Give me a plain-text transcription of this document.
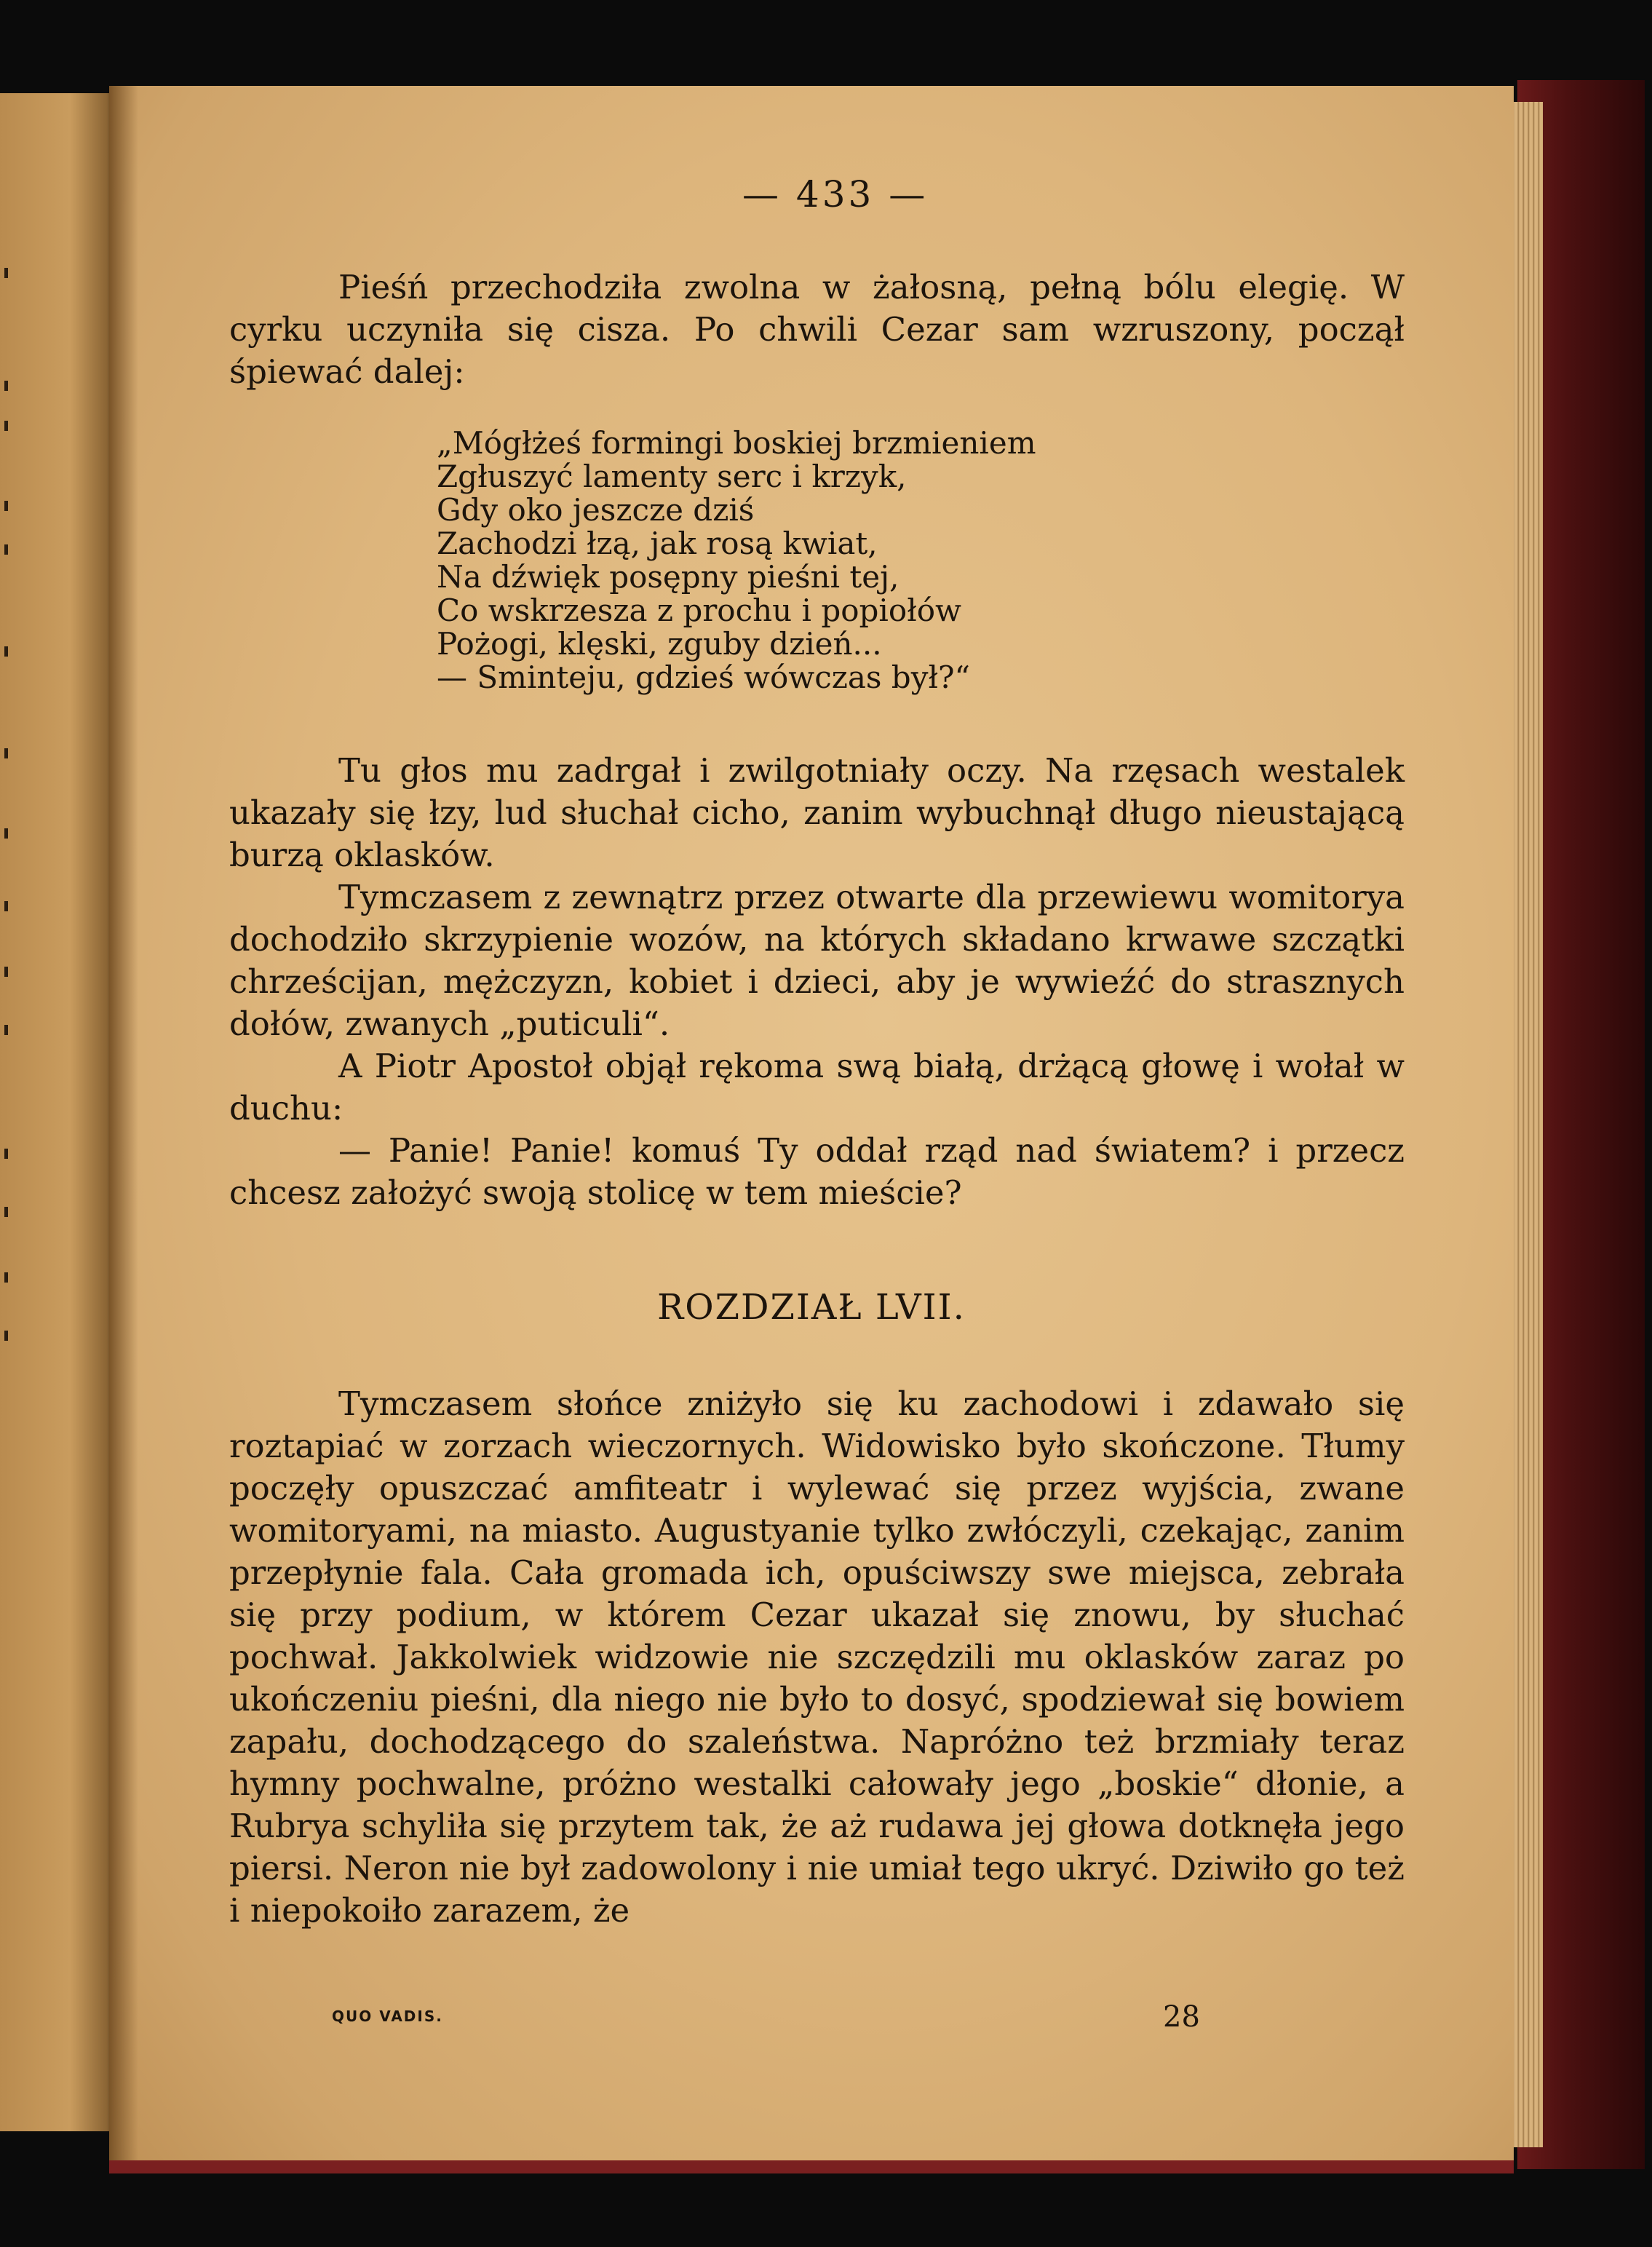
— 433 —

Pieśń przechodziła zwolna w żałosną, pełną bólu elegię. W cyrku uczyniła się cisza. Po chwili Cezar sam wzruszony, począł śpiewać dalej:

„Mógłżeś formingi boskiej brzmieniem
Zgłuszyć lamenty serc i krzyk,
Gdy oko jeszcze dziś
Zachodzi łzą, jak rosą kwiat,
Na dźwięk posępny pieśni tej,
Co wskrzesza z prochu i popiołów
Pożogi, klęski, zguby dzień...
— Sminteju, gdzieś wówczas był?“

Tu głos mu zadrgał i zwilgotniały oczy. Na rzęsach westalek ukazały się łzy, lud słuchał cicho, zanim wybuchnął długo nieustającą burzą oklasków.

Tymczasem z zewnątrz przez otwarte dla przewiewu womitorya dochodziło skrzypienie wozów, na których składano krwawe szczątki chrześcijan, mężczyzn, kobiet i dzieci, aby je wywieźć do strasznych dołów, zwanych „puticuli“.

A Piotr Apostoł objął rękoma swą białą, drżącą głowę i wołał w duchu:

— Panie! Panie! komuś Ty oddał rząd nad światem? i przecz chcesz założyć swoją stolicę w tem mieście?

ROZDZIAŁ LVII.

Tymczasem słońce zniżyło się ku zachodowi i zdawało się roztapiać w zorzach wieczornych. Widowisko było skończone. Tłumy poczęły opuszczać amfiteatr i wylewać się przez wyjścia, zwane womitoryami, na miasto. Augustyanie tylko zwłóczyli, czekając, zanim przepłynie fala. Cała gromada ich, opuściwszy swe miejsca, zebrała się przy podium, w którem Cezar ukazał się znowu, by słuchać pochwał. Jakkolwiek widzowie nie szczędzili mu oklasków zaraz po ukończeniu pieśni, dla niego nie było to dosyć, spodziewał się bowiem zapału, dochodzącego do szaleństwa. Napróżno też brzmiały teraz hymny pochwalne, próżno westalki całowały jego „boskie“ dłonie, a Rubrya schyliła się przytem tak, że aż rudawa jej głowa dotknęła jego piersi. Neron nie był zadowolony i nie umiał tego ukryć. Dziwiło go też i niepokoiło zarazem, że

QUO VADIS.	28
